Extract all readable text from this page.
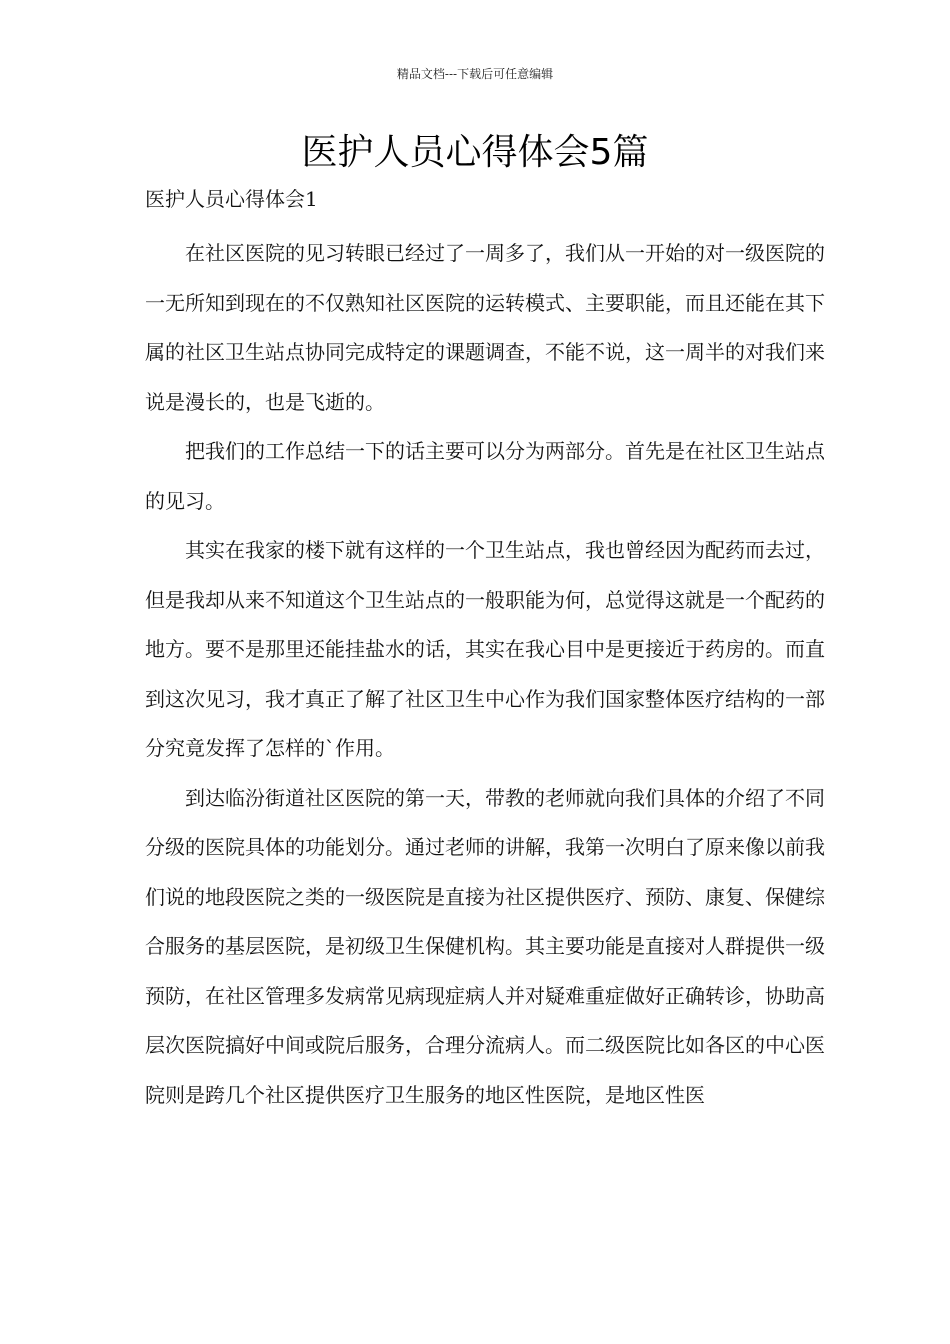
精品文档---下载后可任意编辑
医护人员心得体会5篇
医护人员心得体会1

在社区医院的见习转眼已经过了一周多了，我们从一开始的对一级医院的一无所知到现在的不仅熟知社区医院的运转模式、主要职能，而且还能在其下属的社区卫生站点协同完成特定的课题调查，不能不说，这一周半的对我们来说是漫长的，也是飞逝的。

把我们的工作总结一下的话主要可以分为两部分。首先是在社区卫生站点的见习。

其实在我家的楼下就有这样的一个卫生站点，我也曾经因为配药而去过，但是我却从来不知道这个卫生站点的一般职能为何，总觉得这就是一个配药的地方。要不是那里还能挂盐水的话，其实在我心目中是更接近于药房的。而直到这次见习，我才真正了解了社区卫生中心作为我们国家整体医疗结构的一部分究竟发挥了怎样的`作用。

到达临汾街道社区医院的第一天，带教的老师就向我们具体的介绍了不同分级的医院具体的功能划分。通过老师的讲解，我第一次明白了原来像以前我们说的地段医院之类的一级医院是直接为社区提供医疗、预防、康复、保健综合服务的基层医院，是初级卫生保健机构。其主要功能是直接对人群提供一级预防，在社区管理多发病常见病现症病人并对疑难重症做好正确转诊，协助高层次医院搞好中间或院后服务，合理分流病人。而二级医院比如各区的中心医院则是跨几个社区提供医疗卫生服务的地区性医院，是地区性医
